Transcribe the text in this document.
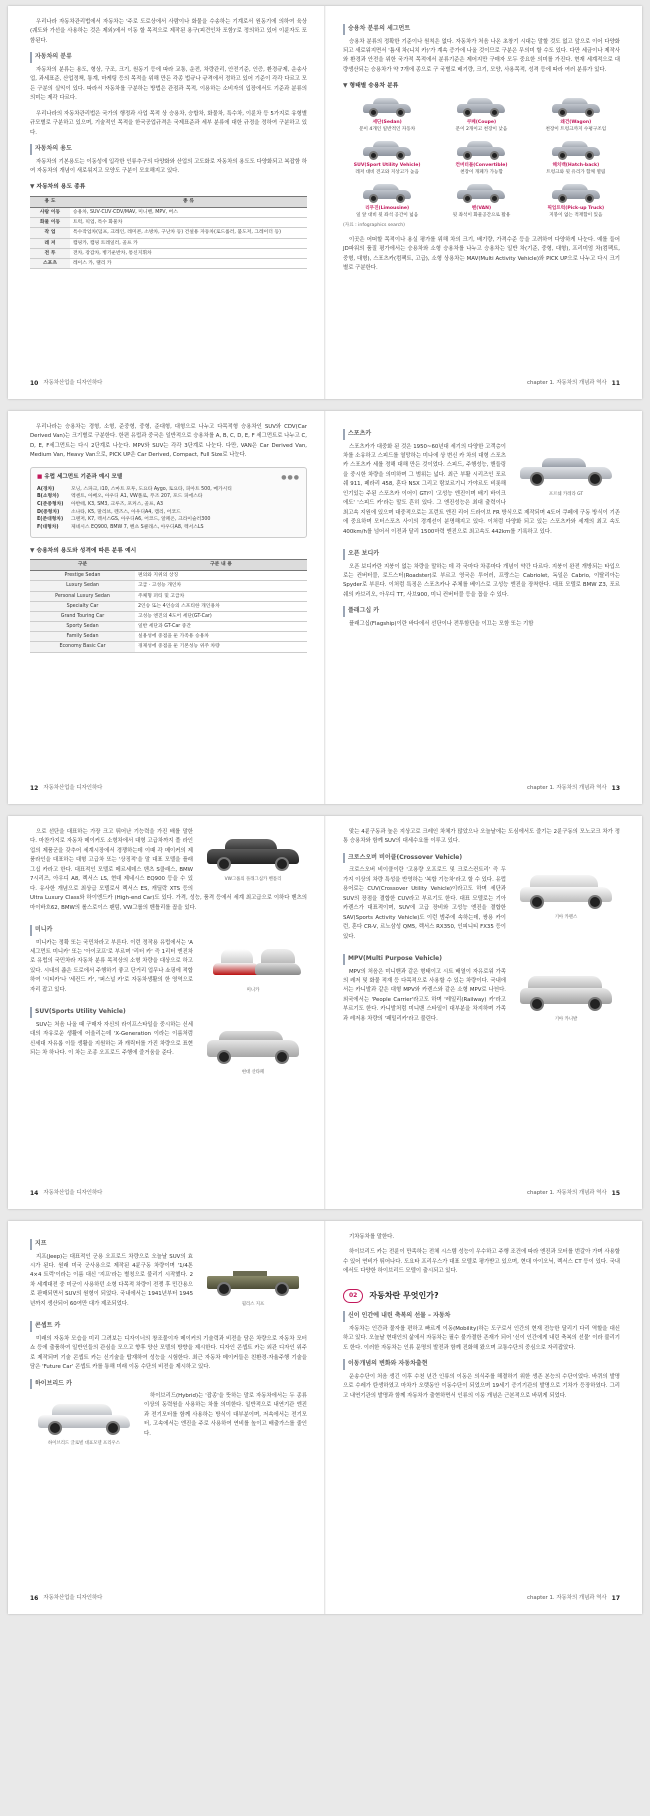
우리나라 자동차관리법에서 자동차는 '주로 도로상에서 사람이나 화물을 수송하는 기계로서 원동기에 의하여 육상(궤도와 가선을 사용하는 것은 제외)에서 이동 할 목적으로 제작된 용구(피견인차 포함)'로 정의하고 있어 이륜자도 포함된다.

자동차의 분류

자동차의 분류는 용도, 형상, 구조, 크기, 원동기 등에 따라 교통, 운전, 차량관리, 안전기준, 인증, 환경규제, 운송사업, 과세표준, 산업정책, 통계, 마케팅 등의 목적을 위해 만든 각종 법규나 규격에서 정하고 있어 기준이 각각 다르고 모든 구분의 실익이 있다. 따라서 자동차를 구분하는 방법은 관점과 목적, 이용하는 소비자의 입장에서도 기준과 분류의 의미는 제각 다르다.

우리나라의 자동차관리법은 국가의 행정과 사업 목적 상 승용차, 승합차, 화물차, 특수차, 이륜차 등 5가지로 유형별 규모별로 구분하고 있으며, 기술적인 목적을 한국공업규격은 국제표준과 세부 분류에 대한 규정을 정하여 구분하고 있다.

자동차의 용도

자동차의 기본용도는 이동성에 입각한 인류추구의 다양화와 산업의 고도화로 자동차의 용도도 다양화되고 복잡함 하여 자동차의 개념이 새로워지고 모양도 구분이 모호해지고 있다.

▼ 자동차의 용도 종류
용 도	종 류
사람 이동	승용차, SUV·CUV·CDV/MAV, 미니밴, MPV, 버스
화물 이동	트럭, 픽업, 특수 화물차
작 업	특수작업차(덤프, 크레인, 레미콘, 소방차, 구난차 등) 건설용 자동차(로드롤러, 불도저, 그레이더 등)
레 저	캠핑카, 캠핑 트레일러, 골프 카
전 투	전차, 장갑차, 병기운반차, 통신지휘차
스포츠	레이스 카, 랠리 카
10 자동차산업을 디자인하다
승용차 분류의 세그먼트

승용차 분류의 정확한 기준이나 원칙은 없다. 자동차가 처음 나온 초창기 시대는 말할 것도 없고 앞으로 이어 다양화되고 새로워지면서 '틈새 차(니치 카)'가 계속 증가에 나올 것이므로 구분은 무의미 할 수도 있다. 다만 세금이나 제작사와 환경과 안전을 위한 국가적 목적에서 분류기준은 제어지만 구매자 모두 중요한 의미를 가진다. 현재 세계적으로 대량생산되는 승용차가 약 7개에 종으로 구 국별로 배기량, 크기, 모양, 사용목적, 성격 등에 따라 여러 분류가 있다.

▼ 형태별 승용차 분류
세단(Sedan)
문이 4개인 일반적인 자동차
쿠페(Coupe)
문이 2개이고 천장이 낮음
왜건(Wagon)
천장이 트렁크까지 수평구조임
SUV(Sport Utility Vehicle)
레저 대비 견고와 지상고가 높음
컨버터블(Convertible)
천장이 개폐가 가능함
해치백(Hatch-back)
트렁크와 뒷 유리가 함께 열림
리무진(Limousine)
일 앞 대비 뒷 좌석 공간이 넓음
밴(VAN)
뒷 좌석이 화물공간으로 활용
픽업트럭(Pick-up Truck)
지붕이 없는 적재함이 있음
(자료 : infographics search)

이곳은 어떠할 목적이나 용실 평가를 위해 차의 크기, 배기량, 가격수준 등을 고려하여 다양하게 나눈다. 예를 들어 JD파워의 품질 평가에서는 승용차와 소형 승용차를 나누고 승용차는 일반 차(기준, 중형, 대형), 프리미엄 차(컴팩트, 중형, 대형), 스포츠카(컴팩트, 고급), 소형 상용차는 MAV(Multi Activity Vehicle)와 PICK UP으로 나누고 다시 크기별로 구분한다.

chapter 1. 자동차의 개념과 역사 11

우리나라는 승용차는 경형, 소형, 준중형, 중형, 준대형, 대형으로 나누고 다목적형 승용차인 SUV와 CDV(Car Derived Van)는 크기별로 구분한다. 한편 유럽과 중국은 일반적으로 승용차를 A, B, C, D, E, F 세그먼트로 나누고 C, D, E, F세그먼트는 다시 2단계로 나눈다. MPV와 SUV는 각각 3단계로 나눈다. 다만, VAN은 Car Derived Van, Medium Van, Heavy Van으로, PICK UP은 Car Derived, Compact, Full Size로 나눈다.

●●●
■ 유럽 세그먼트 기준과 예시 모델
A(경차)	모닝, 스파크, i10, 스마트 포투, 도요타 Aygo, 토요타, 피아트 500, 메가시티
B(소형차)	엑센트, 아베오, 아우디 A1, VW폴로, 푸조 207, 포드 피에스타
C(준중형차)	아반떼, K3, SM3, 크루즈, 포커스, 골프, A3
D(중형차)	소나타, K5, 말리브, 렌즈스, 아우디A4, 캠리, 어코드
E(준대형차)	그랜저, K7, 렉서스GS, 아우디A6, 어코드, 알페온, 크라이슬러300
F(대형차)	제네시스 EQ900, BMW 7, 벤츠 S클래스, 아우디A8, 렉서스LS
▼ 승용차의 용도와 성격에 따른 분류 예시
구분	구분 내 용
Prestige Sedan	편의와 지위의 상징
Luxury Sedan	고급 · 고성능 개인차
Personal Luxury Sedan	주체형 퍼티 및 고급차
Specialty Car	2인승 또는 4인승의 스포티한 개인용차
Grand Touring Car	고성능 엔진의 4도어 세단(GT-Car)
Sporty Sedan	일반 세단과 GT-Car 중간
Family Sedan	실용성에 중점을 둔 가족용 승용차
Economy Basic Car	경제성에 중점을 둔 기본성능 위주 차량
12 자동차산업을 디자인하다
스포츠카
포르쉐 카레라 GT

스포츠카가 대중화 된 것은 1950~60년대 세기의 다양한 고객층이 차를 소유하고 스피드를 열망하는 미나에 상 변신 카 차의 대형 스포츠카 스포츠카 세를 정해 대해 만든 것이었다. 스피드, 주행성능, 핸들링을 중시한 차량을 의미하며 그 범위는 넓다. 최근 부활 시리즈인 포르쉐 911, 페라리 458, 혼다 NSX 그리고 람보르기니 가야르도 비롯해 인기있는 주된 스포츠카 이어이 GTi이 '고성능 엔진이며 배기 바이크 에도' '스피드 카'라는 말도 흔히 있다. 그 엔진성능은 최대 출력이나 최고속 지원에 있으며 대중적으로는 프런트 엔진 리어 드라이브 FR 방식으로 제작되며 4도어 쿠페에 구동 방식이 기존에 중요하며 모터스포츠 사이의 경계선이 분명해지고 있다. 이처럼 다양화 되고 있는 스포츠카와 세계의 최고 속도 400km/h를 넘어서 이전과 달리 1500마력 엔진으로 최고속도 442km를 기록하고 있다.

오픈 보디카

오픈 보디카란 지붕이 없는 차량을 말하는 데 각 국마다 차종마다 개념이 약간 다르다. 지붕이 완전 개방되는 타입으로는 컨버터블, 로드스터(Roadster)로 부르고 영국은 투어러, 프랑스는 Cabriolet, 독일은 Cabrio, 이탈리아는 Spyder로 부른다. 이처럼 특징은 스포츠카나 주체를 베이스로 고성능 엔진을 장착한다. 대표 모델로 BMW Z3, 포르쉐의 카브리오, 아우디 TT, 사브900, 미니 컨버터블 등을 꼽을 수 있다.

플래그십 카

플래그십(Flagship)이란 바다에서 선단이나 전투함단을 이끄는 모함 또는 기함

chapter 1. 자동차의 개념과 역사 13
VW그룹의 플래그십카 벤틀리

으로 선단을 대표하는 가장 크고 뛰어난 기능력을 가진 배를 말한다. 마찬가지로 자동차 메이커도 소형차에서 대형 고급차까지 풀 라인업의 제품군을 갖추어 세계시장에서 경쟁하는데 이때 각 메이커의 제품라인을 대표하는 대형 고급차 또는 '상징적'을 말 대표 모델을 플래그십 카라고 한다. 대표적인 모델로 메르세데스 벤츠 S클래스, BMW 7시리즈, 아우디 A8, 렉서스 LS, 현대 제네시스 EQ900 등을 수 있다. 유사한 개념으로 최상급 모델로서 렉서스 ES, 캐딜락 XTS 등의 Ultra Luxury Class와 하이엔드카 (High-end Car)도 있다. 가격, 성능, 품격 등에서 세계 최고급으로 이하다 벤츠의 마이바흐62, BMW의 롤스로이스 팬텀, VW그룹의 벤틀리를 꼽을 있다.

미니카
미니카

미니카는 정확 또는 국민차라고 부른다. 이런 정작용 유럽에서는 'A세그먼트 미니카' 또는 '아이코프'로 부르며 '리터 카' 즉 1리터 엔진차로 유럽의 국민차라 자동차 분류 목적상의 소형 차량을 대상으로 하고 있다. 시내의 좁은 도로에서 주행하기 좋고 단거리 업무나 쇼핑에 적합하여 '시티카'나 '세컨드 카', '퍼스널 카'로 자동차생활의 한 영역으로 자리 잡고 있다.

SUV(Sports Utility Vehicle)
현대 산타페

SUV는 처음 나올 때 구매자 자신의 라이프스타일을 중시하는 신세대의 자유로운 생활에 어울리는데 'X-Generation 이라는 이름처럼 신세대 자유롭 이들 생활을 지원하는 과 캐릭터를 가진 차량으로 표현되는 차 하나다. 이 차는 조종 오프로드 주행에 즐거움을 준다.

14 자동차산업을 디자인하다

맞는 4륜구동과 높은 지상고로 크레인 차체가 많았으나 오늘날에는 도심에서도 즐기는 2륜구동의 모노코크 차가 정통 승용차와 함께 SUV의 대세수요를 이루고 있다.

크로스오버 비이클(Crossover Vehicle)
기아 카렌스

크로스오버 비이클이란 '고용량 오프로드 및 크로스컨트리' 즉 두 가지 이상의 차량 특성을 반영하는 '복합 기능차'라고 할 수 있다. 유럽 용어로는 CUV(Crossover Utility Vehicle)이라고도 하며 세단과 SUV의 장점을 결합한 CUV라고 부르기도 한다. 대표 모델로는 기아 카렌스가 대표적이며, SUV에 고급 장비와 고성능 엔진을 결합한 SAV(Sports Activity Vehicle)도 이런 범주에 속하는데, 쌍용 카이런, 혼다 CR-V, 르노삼성 QM5, 렉서스 RX350, 인피니티 FX35 등이 있다.

MPV(Multi Purpose Vehicle)
기아 카니발

MPV의 처음은 미니밴과 같은 형태이고 시트 배열이 자유로워 가족의 레저 및 화물 적재 등 다목적으로 사용할 수 있는 차량이다. 국내에서는 카니발과 같은 대형 MPV와 카렌스와 같은 소형 MPV로 나뉜다. 외국에서는 'People Carrier'라고도 하며 '레일리(Railway) 카'라고 부르기도 한다. 카니발처럼 미니밴 스타일이 대부분을 차지하며 가족과 레저용 차량의 '패밀리카'라고 불린다.

chapter 1. 자동차의 개념과 역사 15
지프
윌리스 지프

지프(Jeep)는 대표적인 군용 오프로드 차량으로 오늘날 SUV의 효시가 된다. 원래 미국 군사용으로 제작된 4륜구동 차량이며 '1/4톤 4×4 트럭'이라는 이름 대신 '지프'라는 별칭으로 불리기 시작했다. 2차 세계대전 중 미군이 사용하던 소형 다목적 차량이 전쟁 후 민간용으로 판매되면서 SUV의 원형이 되었다. 국내에서는 1941년부터 1945년까지 생산되어 60여만 대가 제조되었다.

콘셉트 카

미래의 자동차 모습을 미리 그려보는 디자이너의 창조물이자 메이커의 기술력과 비전을 담은 차량으로 자동차 모터쇼 등에 출품하여 일반인들의 관심을 모으고 향후 양산 모델의 방향을 제시한다. 디자인 콘셉트 카는 외관 디자인 위주로 제작되며 기술 콘셉트 카는 신기술을 탑재하여 성능을 시험한다. 최근 자동차 메이커들은 친환경·자율주행 기술을 담은 'Future Car' 콘셉트 카를 통해 미래 이동 수단의 비전을 제시하고 있다.

하이브리드 카
하이브리드 글로벌 대표모델 프리우스

하이브리드(Hybrid)는 '잡종'을 뜻하는 말로 자동차에서는 두 종류 이상의 동력원을 사용하는 차를 의미한다. 일반적으로 내연기관 엔진과 전기모터를 함께 사용하는 방식이 대부분이며, 저속에서는 전기모터, 고속에서는 엔진을 주로 사용하여 연비를 높이고 배출가스를 줄인다.

16 자동차산업을 디자인하다

기차동차를 말한다.

하이브리드 카는 전륜이 만족하는 전체 시스템 성능이 우수하고 주행 조건에 따라 엔진과 모터를 번갈아 가며 사용할 수 있어 연비가 뛰어나다. 도요타 프리우스가 대표 모델로 평가받고 있으며, 현대 아이오닉, 렉서스 CT 등이 있다. 국내에서도 다양한 하이브리드 모델이 출시되고 있다.

02	자동차란 무엇인가?
신이 인간에 내린 축복의 선물 – 자동차

자동차는 인간과 물자를 편하고 빠르게 이동(Mobility)하는 도구로서 인간의 현재 전능한 달리기 다리 역할을 대신하고 있다. 오늘날 현대인의 삶에서 자동차는 필수 불가결한 존재가 되어 '신이 인간에게 내린 축복의 선물' 이라 불리기도 한다. 이러한 자동차는 인류 문명의 발전과 함께 진화해 왔으며 교통수단의 중심으로 자리잡았다.

이동개념의 변화와 자동차출현

운송수단이 처음 생긴 이후 수천 년간 인류의 이동은 의식주를 해결하기 위한 생존 본능의 수단이었다. 바퀴의 발명으로 수레가 탄생하였고 마차가 오랫동안 이동수단이 되었으며 19세기 증기기관의 발명으로 기차가 등장하였다. 그리고 내연기관의 발명과 함께 자동차가 출현하면서 인류의 이동 개념은 근본적으로 바뀌게 되었다.

chapter 1. 자동차의 개념과 역사 17
